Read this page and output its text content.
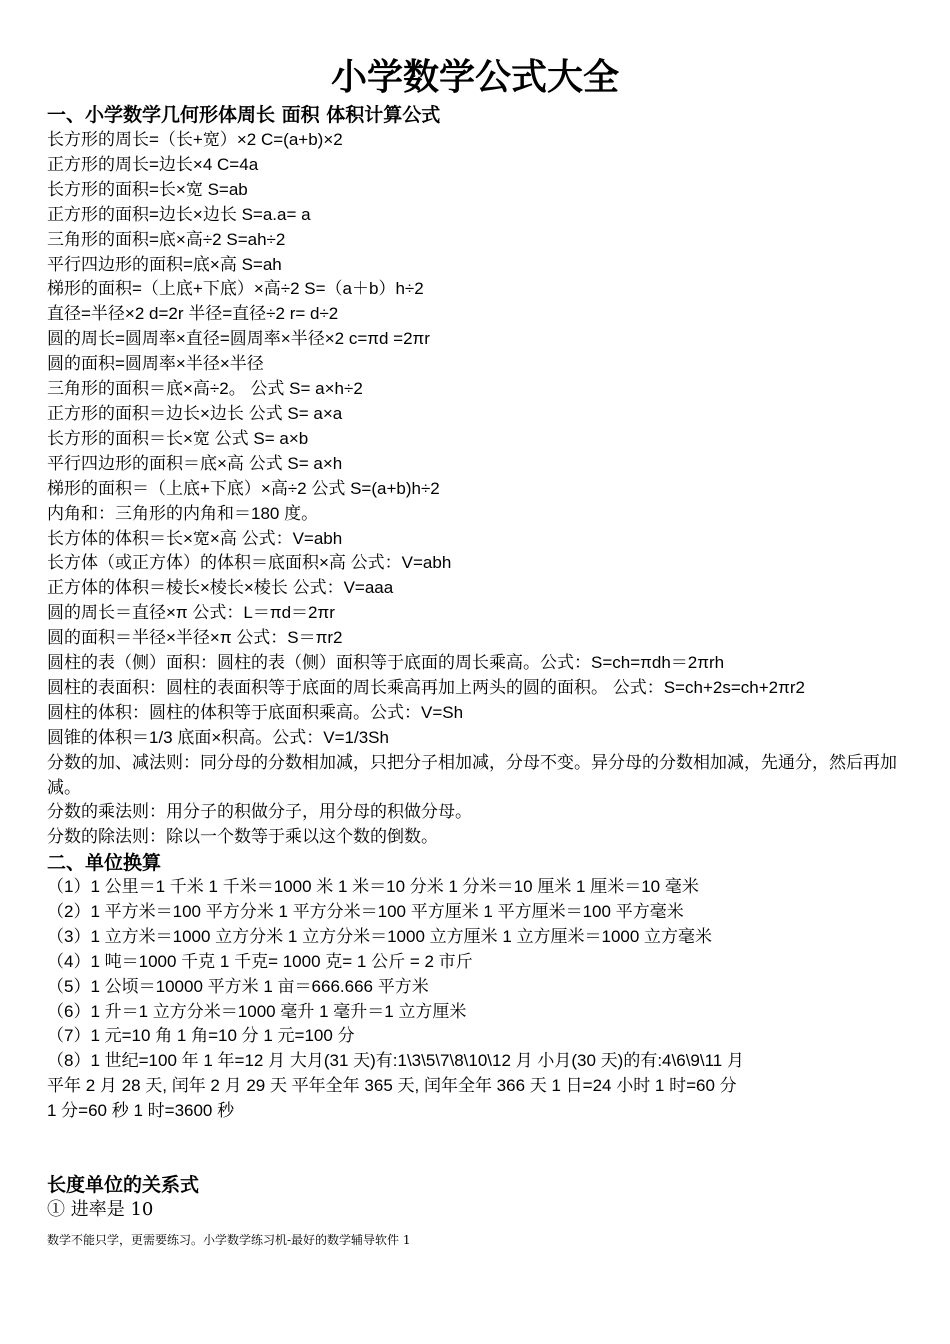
小学数学公式大全
一、小学数学几何形体周长 面积 体积计算公式
长方形的周长=（长+宽）×2 C=(a+b)×2
正方形的周长=边长×4 C=4a
长方形的面积=长×宽 S=ab
正方形的面积=边长×边长 S=a.a= a
三角形的面积=底×高÷2 S=ah÷2
平行四边形的面积=底×高 S=ah
梯形的面积=（上底+下底）×高÷2 S=（a＋b）h÷2
直径=半径×2 d=2r 半径=直径÷2 r= d÷2
圆的周长=圆周率×直径=圆周率×半径×2 c=πd =2πr
圆的面积=圆周率×半径×半径
三角形的面积＝底×高÷2。 公式 S= a×h÷2
正方形的面积＝边长×边长 公式 S= a×a
长方形的面积＝长×宽 公式 S= a×b
平行四边形的面积＝底×高 公式 S= a×h
梯形的面积＝（上底+下底）×高÷2 公式 S=(a+b)h÷2
内角和：三角形的内角和＝180 度。
长方体的体积＝长×宽×高 公式：V=abh
长方体（或正方体）的体积＝底面积×高 公式：V=abh
正方体的体积＝棱长×棱长×棱长 公式：V=aaa
圆的周长＝直径×π 公式：L＝πd＝2πr
圆的面积＝半径×半径×π 公式：S＝πr2
圆柱的表（侧）面积：圆柱的表（侧）面积等于底面的周长乘高。公式：S=ch=πdh＝2πrh
圆柱的表面积：圆柱的表面积等于底面的周长乘高再加上两头的圆的面积。 公式：S=ch+2s=ch+2πr2
圆柱的体积：圆柱的体积等于底面积乘高。公式：V=Sh
圆锥的体积＝1/3 底面×积高。公式：V=1/3Sh
分数的加、减法则：同分母的分数相加减，只把分子相加减，分母不变。异分母的分数相加减，先通分，然后再加减。
分数的乘法则：用分子的积做分子，用分母的积做分母。
分数的除法则：除以一个数等于乘以这个数的倒数。
二、单位换算
（1）1 公里＝1 千米 1 千米＝1000 米 1 米＝10 分米 1 分米＝10 厘米 1 厘米＝10 毫米
（2）1 平方米＝100 平方分米 1 平方分米＝100 平方厘米 1 平方厘米＝100 平方毫米
（3）1 立方米＝1000 立方分米 1 立方分米＝1000 立方厘米 1 立方厘米＝1000 立方毫米
（4）1 吨＝1000 千克 1 千克= 1000 克= 1 公斤 = 2 市斤
（5）1 公顷＝10000 平方米 1 亩＝666.666 平方米
（6）1 升＝1 立方分米＝1000 毫升 1 毫升＝1 立方厘米
（7）1 元=10 角 1 角=10 分 1 元=100 分
（8）1 世纪=100 年 1 年=12 月 大月(31 天)有:1\3\5\7\8\10\12 月 小月(30 天)的有:4\6\9\11 月
平年 2 月 28 天, 闰年 2 月 29 天 平年全年 365 天, 闰年全年 366 天 1 日=24 小时 1 时=60 分
1 分=60 秒 1 时=3600 秒
长度单位的关系式

① 进率是 10

数学不能只学，更需要练习。小学数学练习机-最好的数学辅导软件 1
